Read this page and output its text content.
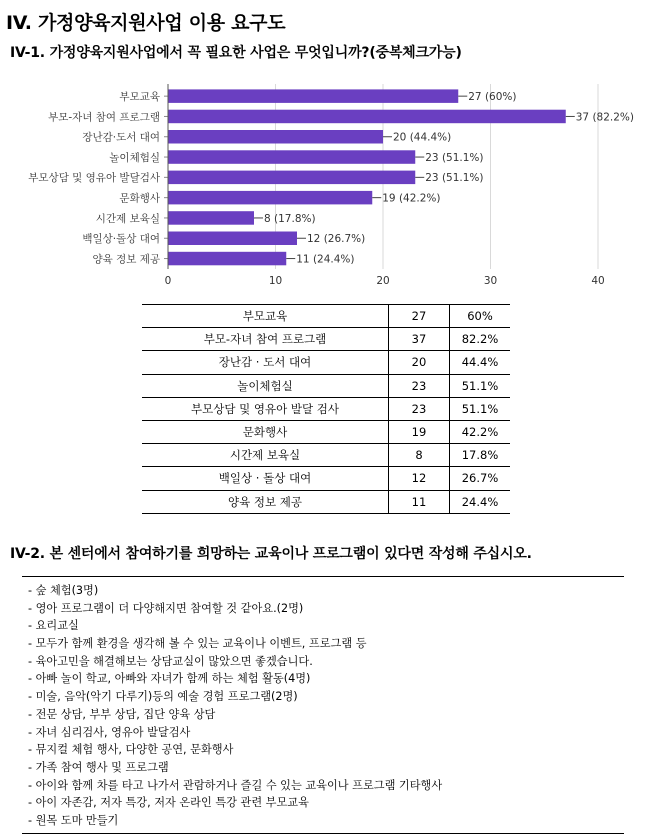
IV. 가정양육지원사업 이용 요구도
IV-1. 가정양육지원사업에서 꼭 필요한 사업은 무엇입니까?(중복체크가능)
0	10	20	30	40
부모교육	27 (60%)
부모-자녀 참여 프로그램	37 (82.2%)
장난감·도서 대여	20 (44.4%)
놀이체험실	23 (51.1%)
부모상담 및 영유아 발달검사	23 (51.1%)
문화행사	19 (42.2%)
시간제 보육실	8 (17.8%)
백일상·돌상 대여	12 (26.7%)
양육 정보 제공	11 (24.4%)
부모교육	27	60%
부모-자녀 참여 프로그램	37	82.2%
장난감 · 도서 대여	20	44.4%
놀이체험실	23	51.1%
부모상담 및 영유아 발달 검사	23	51.1%
문화행사	19	42.2%
시간제 보육실	8	17.8%
백일상 · 돌상 대여	12	26.7%
양육 정보 제공	11	24.4%
IV-2. 본 센터에서 참여하기를 희망하는 교육이나 프로그램이 있다면 작성해 주십시오.
- 숲 체험(3명)
- 영아 프로그램이 더 다양해지면 참여할 것 같아요.(2명)
- 요리교실
- 모두가 함께 환경을 생각해 볼 수 있는 교육이나 이벤트, 프로그램 등
- 육아고민을 해결해보는 상담교실이 많았으면 좋겠습니다.
- 아빠 놀이 학교, 아빠와 자녀가 함께 하는 체험 활동(4명)
- 미술, 음악(악기 다루기)등의 예술 경험 프로그램(2명)
- 전문 상담, 부부 상담, 집단 양육 상담
- 자녀 심리검사, 영유아 발달검사
- 뮤지컬 체험 행사, 다양한 공연, 문화행사
- 가족 참여 행사 및 프로그램
- 아이와 함께 차를 타고 나가서 관람하거나 즐길 수 있는 교육이나 프로그램 기타행사
- 아이 자존감, 저자 특강, 저자 온라인 특강 관련 부모교육
- 원목 도마 만들기
